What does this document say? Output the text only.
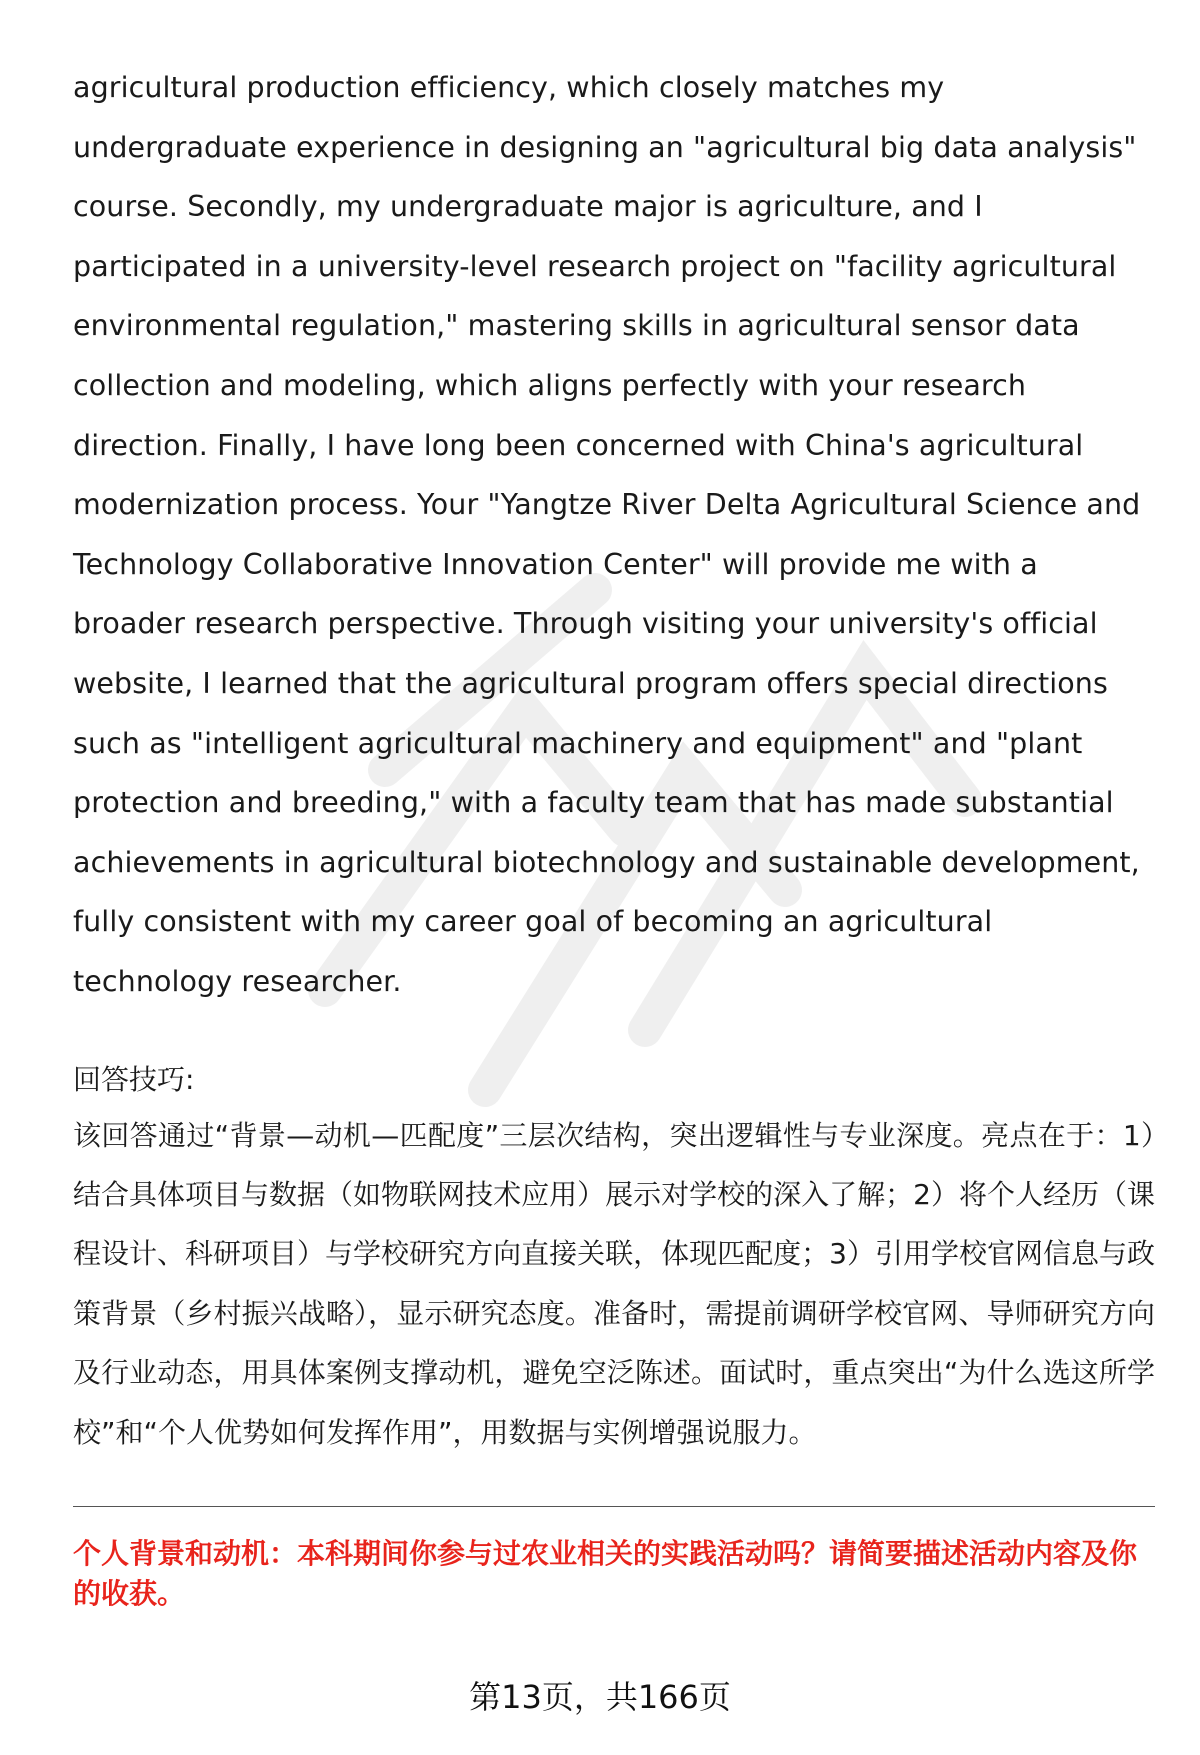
agricultural production efficiency, which closely matches my undergraduate experience in designing an "agricultural big data analysis" course. Secondly, my undergraduate major is agriculture, and I participated in a university-level research project on "facility agricultural environmental regulation," mastering skills in agricultural sensor data collection and modeling, which aligns perfectly with your research direction. Finally, I have long been concerned with China's agricultural modernization process. Your "Yangtze River Delta Agricultural Science and Technology Collaborative Innovation Center" will provide me with a broader research perspective. Through visiting your university's official website, I learned that the agricultural program offers special directions such as "intelligent agricultural machinery and equipment" and "plant protection and breeding," with a faculty team that has made substantial achievements in agricultural biotechnology and sustainable development, fully consistent with my career goal of becoming an agricultural technology researcher.

回答技巧:

该回答通过“背景—动机—匹配度”三层次结构，突出逻辑性与专业深度。亮点在于：1）结合具体项目与数据（如物联网技术应用）展示对学校的深入了解；2）将个人经历（课程设计、科研项目）与学校研究方向直接关联，体现匹配度；3）引用学校官网信息与政策背景（乡村振兴战略），显示研究态度。准备时，需提前调研学校官网、导师研究方向及行业动态，用具体案例支撑动机，避免空泛陈述。面试时，重点突出“为什么选这所学校”和“个人优势如何发挥作用”，用数据与实例增强说服力。

个人背景和动机：本科期间你参与过农业相关的实践活动吗？请简要描述活动内容及你的收获。

第13页，共166页
